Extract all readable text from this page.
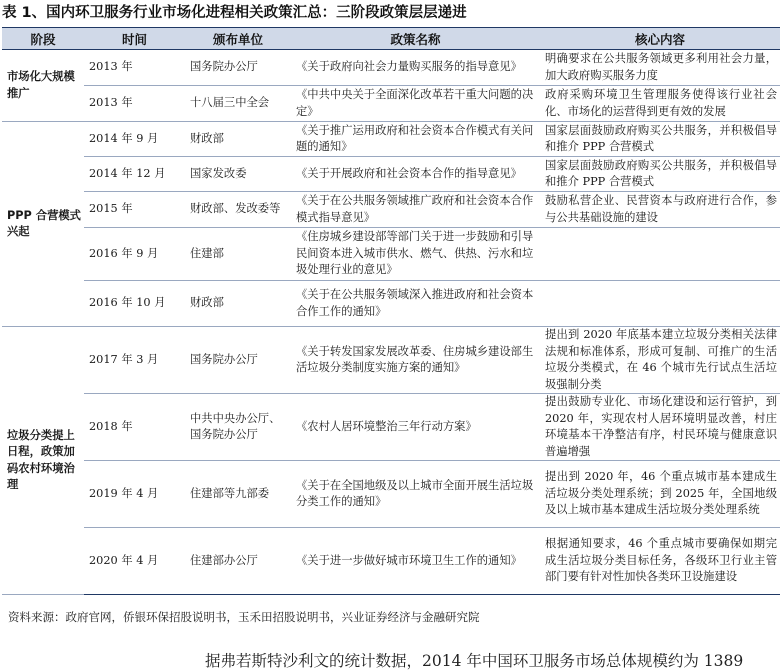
表 1、国内环卫服务行业市场化进程相关政策汇总：三阶段政策层层递进
阶段	时间	颁布单位	政策名称	核心内容
市场化大规模推广	2013 年	国务院办公厅	《关于政府向社会力量购买服务的指导意见》	明确要求在公共服务领域更多利用社会力量，加大政府购买服务力度
	2013 年	十八届三中全会	《中共中央关于全面深化改革若干重大问题的决定》	政府采购环境卫生管理服务使得该行业社会化、市场化的运营得到更有效的发展
PPP 合营模式兴起	2014 年 9 月	财政部	《关于推广运用政府和社会资本合作模式有关问题的通知》	国家层面鼓励政府购买公共服务，并积极倡导和推介 PPP 合营模式
	2014 年 12 月	国家发改委	《关于开展政府和社会资本合作的指导意见》	国家层面鼓励政府购买公共服务，并积极倡导和推介 PPP 合营模式
	2015 年	财政部、发改委等	《关于在公共服务领域推广政府和社会资本合作模式指导意见》	鼓励私营企业、民营资本与政府进行合作，参与公共基础设施的建设
	2016 年 9 月	住建部	《住房城乡建设部等部门关于进一步鼓励和引导民间资本进入城市供水、燃气、供热、污水和垃圾处理行业的意见》	
	2016 年 10 月	财政部	《关于在公共服务领域深入推进政府和社会资本合作工作的通知》	
垃圾分类提上日程，政策加码农村环境治理	2017 年 3 月	国务院办公厅	《关于转发国家发展改革委、住房城乡建设部生活垃圾分类制度实施方案的通知》	提出到 2020 年底基本建立垃圾分类相关法律法规和标准体系，形成可复制、可推广的生活垃圾分类模式，在 46 个城市先行试点生活垃圾强制分类
	2018 年	中共中央办公厅、国务院办公厅	《农村人居环境整治三年行动方案》	提出鼓励专业化、市场化建设和运行管护，到 2020 年，实现农村人居环境明显改善，村庄环境基本干净整洁有序，村民环境与健康意识普遍增强
	2019 年 4 月	住建部等九部委	《关于在全国地级及以上城市全面开展生活垃圾分类工作的通知》	提出到 2020 年，46 个重点城市基本建成生活垃圾分类处理系统；到 2025 年，全国地级及以上城市基本建成生活垃圾分类处理系统
	2020 年 4 月	住建部办公厅	《关于进一步做好城市环境卫生工作的通知》	根据通知要求，46 个重点城市要确保如期完成生活垃圾分类目标任务，各级环卫行业主管部门要有针对性加快各类环卫设施建设
资料来源：政府官网，侨银环保招股说明书，玉禾田招股说明书，兴业证券经济与金融研究院
据弗若斯特沙利文的统计数据，2014 年中国环卫服务市场总体规模约为 1389
